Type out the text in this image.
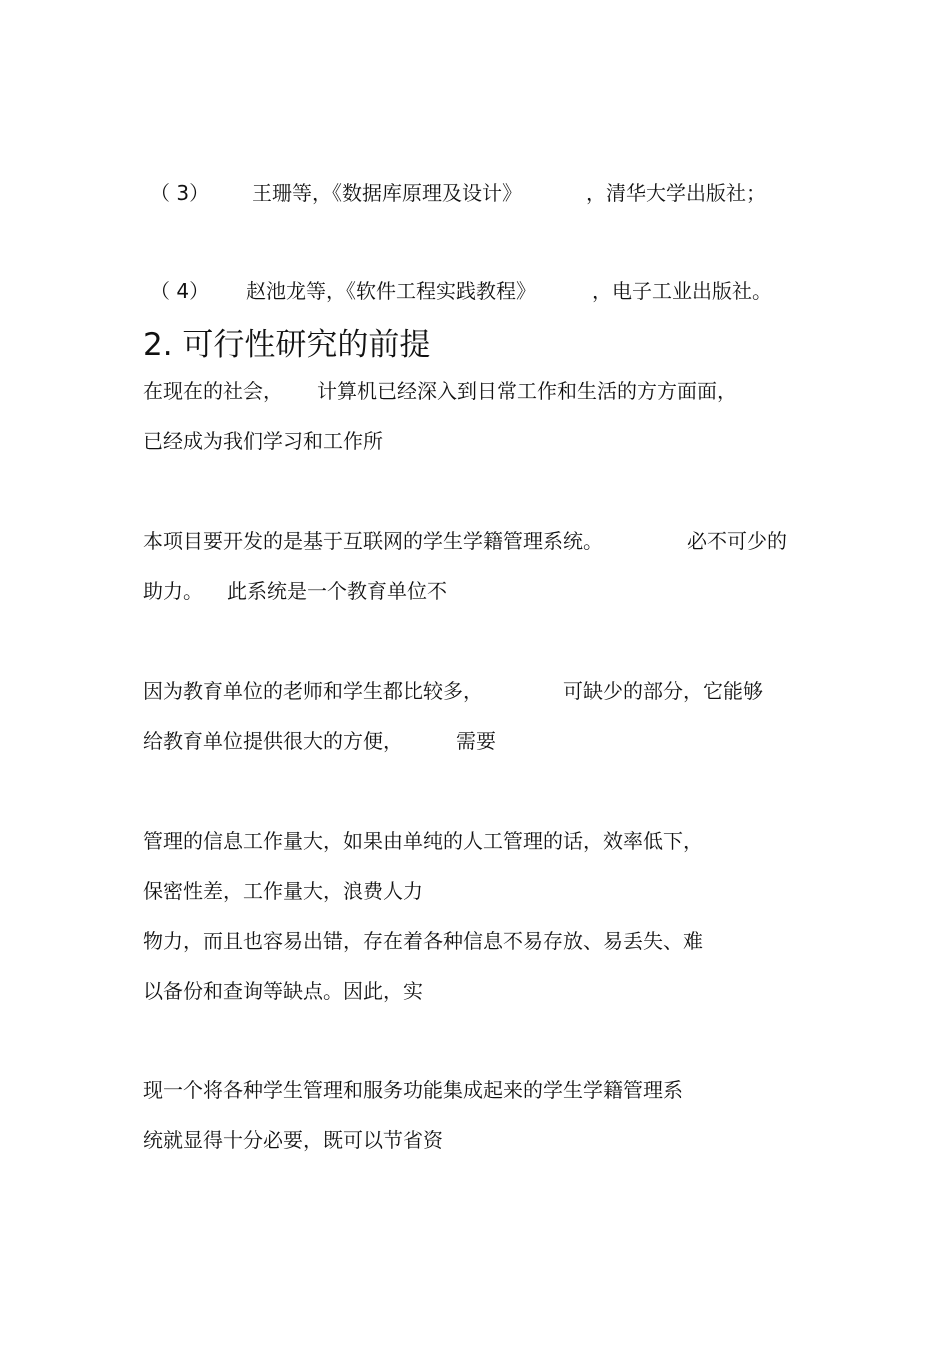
（ 3） 王珊等，《数据库原理及设计》	，清华大学出版社；
（ 4） 赵池龙等，《软件工程实践教程》	，电子工业出版社。
2. 可行性研究的前提
在现在的社会， 计算机已经深入到日常工作和生活的方方面面，
已经成为我们学习和工作所
本项目要开发的是基于互联网的学生学籍管理系统。	必不可少的
助力。 此系统是一个教育单位不
因为教育单位的老师和学生都比较多，	可缺少的部分，它能够
给教育单位提供很大的方便，	需要
管理的信息工作量大，如果由单纯的人工管理的话，效率低下，
保密性差，工作量大，浪费人力
物力，而且也容易出错，存在着各种信息不易存放、易丢失、难
以备份和查询等缺点。因此，实
现一个将各种学生管理和服务功能集成起来的学生学籍管理系
统就显得十分必要，既可以节省资
